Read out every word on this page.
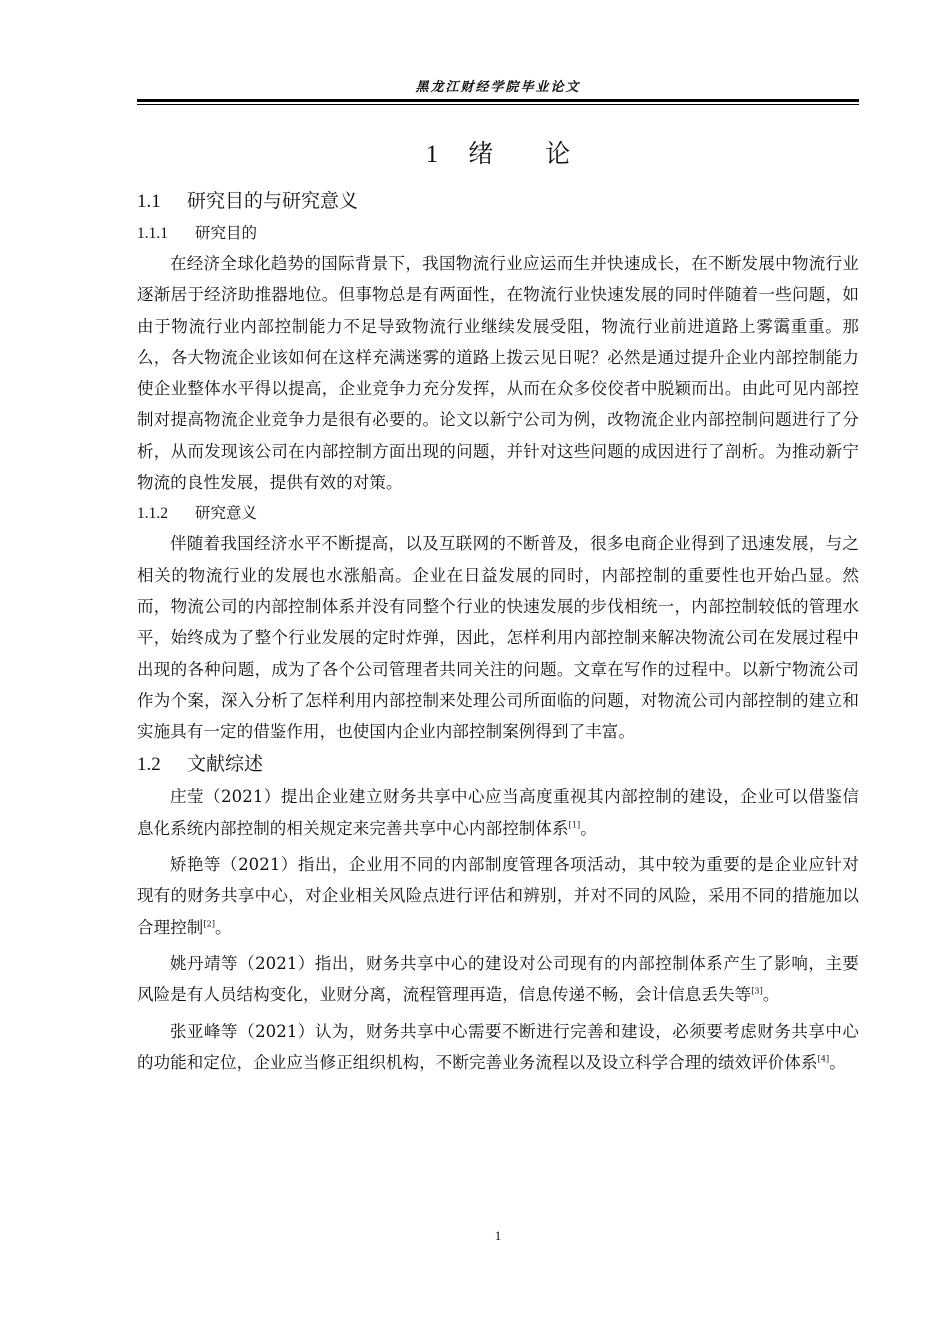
黑龙江财经学院毕业论文
1 绪 论
1.1 研究目的与研究意义
1.1.1 研究目的

在经济全球化趋势的国际背景下，我国物流行业应运而生并快速成长，在不断发展中物流行业逐渐居于经济助推器地位。但事物总是有两面性，在物流行业快速发展的同时伴随着一些问题，如由于物流行业内部控制能力不足导致物流行业继续发展受阻，物流行业前进道路上雾霭重重。那么，各大物流企业该如何在这样充满迷雾的道路上拨云见日呢？必然是通过提升企业内部控制能力使企业整体水平得以提高，企业竞争力充分发挥，从而在众多佼佼者中脱颖而出。由此可见内部控制对提高物流企业竞争力是很有必要的。论文以新宁公司为例，改物流企业内部控制问题进行了分析，从而发现该公司在内部控制方面出现的问题，并针对这些问题的成因进行了剖析。为推动新宁物流的良性发展，提供有效的对策。

1.1.2 研究意义

伴随着我国经济水平不断提高，以及互联网的不断普及，很多电商企业得到了迅速发展，与之相关的物流行业的发展也水涨船高。企业在日益发展的同时，内部控制的重要性也开始凸显。然而，物流公司的内部控制体系并没有同整个行业的快速发展的步伐相统一，内部控制较低的管理水平，始终成为了整个行业发展的定时炸弹，因此，怎样利用内部控制来解决物流公司在发展过程中出现的各种问题，成为了各个公司管理者共同关注的问题。文章在写作的过程中。以新宁物流公司作为个案，深入分析了怎样利用内部控制来处理公司所面临的问题，对物流公司内部控制的建立和实施具有一定的借鉴作用，也使国内企业内部控制案例得到了丰富。

1.2 文献综述

庄莹（2021）提出企业建立财务共享中心应当高度重视其内部控制的建设，企业可以借鉴信息化系统内部控制的相关规定来完善共享中心内部控制体系[1]。

矫艳等（2021）指出，企业用不同的内部制度管理各项活动，其中较为重要的是企业应针对现有的财务共享中心，对企业相关风险点进行评估和辨别，并对不同的风险，采用不同的措施加以合理控制[2]。

姚丹靖等（2021）指出，财务共享中心的建设对公司现有的内部控制体系产生了影响，主要风险是有人员结构变化，业财分离，流程管理再造，信息传递不畅，会计信息丢失等[3]。

张亚峰等（2021）认为，财务共享中心需要不断进行完善和建设，必须要考虑财务共享中心的功能和定位，企业应当修正组织机构，不断完善业务流程以及设立科学合理的绩效评价体系[4]。

1
